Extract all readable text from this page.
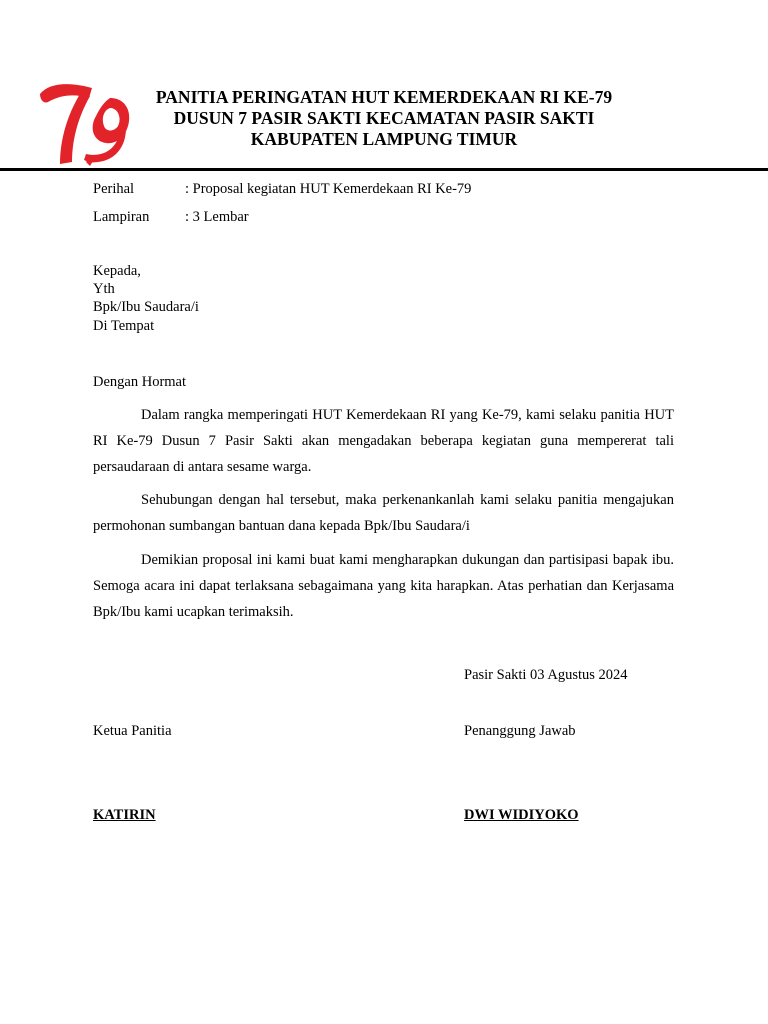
PANITIA PERINGATAN HUT KEMERDEKAAN RI KE-79
DUSUN 7 PASIR SAKTI KECAMATAN PASIR SAKTI
KABUPATEN LAMPUNG TIMUR
Perihal	: Proposal kegiatan HUT Kemerdekaan RI Ke-79
Lampiran : 3 Lembar
Kepada,
Yth
Bpk/Ibu Saudara/i
Di Tempat
Dengan Hormat

Dalam rangka memperingati HUT Kemerdekaan RI yang Ke-79, kami selaku panitia HUT RI Ke-79 Dusun 7 Pasir Sakti akan mengadakan beberapa kegiatan guna mempererat tali persaudaraan di antara sesame warga.

Sehubungan dengan hal tersebut, maka perkenankanlah kami selaku panitia mengajukan permohonan sumbangan bantuan dana kepada Bpk/Ibu Saudara/i

Demikian proposal ini kami buat kami mengharapkan dukungan dan partisipasi bapak ibu. Semoga acara ini dapat terlaksana sebagaimana yang kita harapkan. Atas perhatian dan Kerjasama Bpk/Ibu kami ucapkan terimaksih.

Pasir Sakti 03 Agustus 2024
Ketua Panitia	Penanggung Jawab
KATIRIN	DWI WIDIYOKO
